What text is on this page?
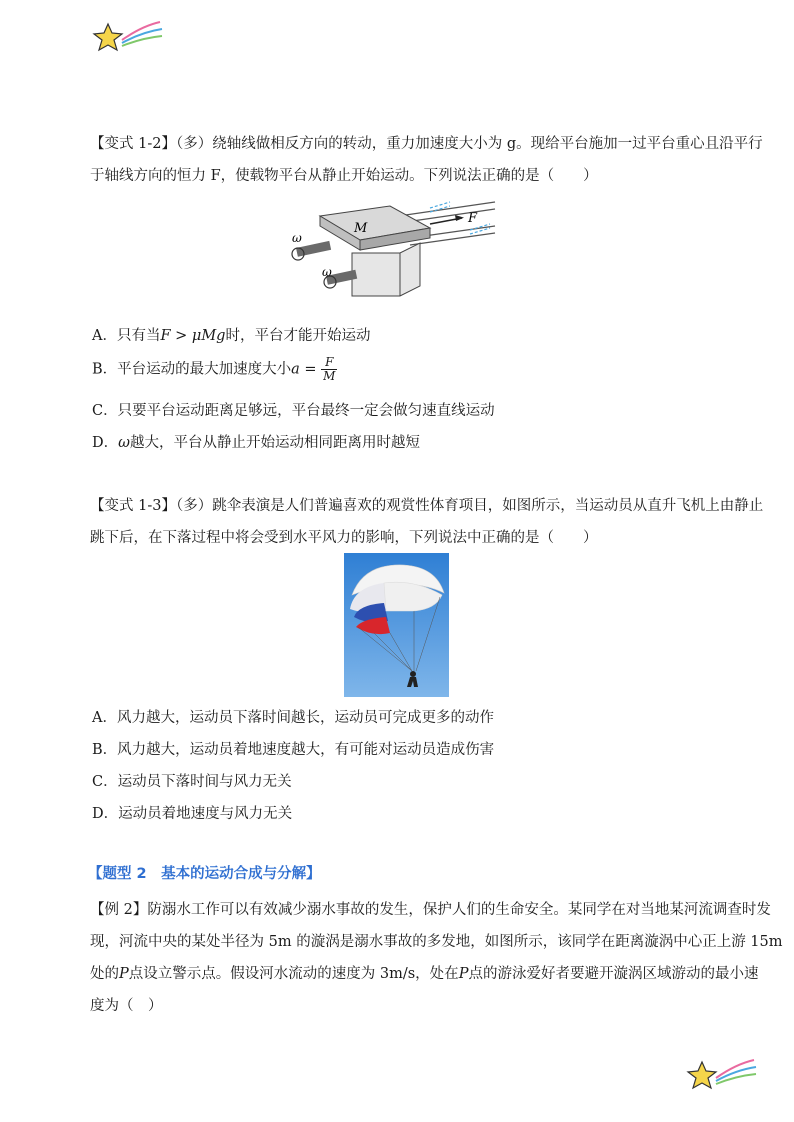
【变式 1-2】（多）绕轴线做相反方向的转动，重力加速度大小为 g。现给平台施加一过平台重心且沿平行
于轴线方向的恒力 F，使载物平台从静止开始运动。下列说法正确的是（　　）
F
M
ω
ω
A．只有当F > μMg时，平台才能开始运动
B．平台运动的最大加速度大小$a = \frac{F}{M}$
C．只要平台运动距离足够远，平台最终一定会做匀速直线运动
D．ω越大，平台从静止开始运动相同距离用时越短
【变式 1-3】（多）跳伞表演是人们普遍喜欢的观赏性体育项目，如图所示，当运动员从直升飞机上由静止
跳下后，在下落过程中将会受到水平风力的影响，下列说法中正确的是（　　）
A．风力越大，运动员下落时间越长，运动员可完成更多的动作
B．风力越大，运动员着地速度越大，有可能对运动员造成伤害
C．运动员下落时间与风力无关
D．运动员着地速度与风力无关
【题型 2　基本的运动合成与分解】
【例 2】防溺水工作可以有效减少溺水事故的发生，保护人们的生命安全。某同学在对当地某河流调查时发
现，河流中央的某处半径为 5m 的漩涡是溺水事故的多发地，如图所示，该同学在距离漩涡中心正上游 15m
处的P点设立警示点。假设河水流动的速度为 3m/s，处在P点的游泳爱好者要避开漩涡区域游动的最小速
度为（　）
